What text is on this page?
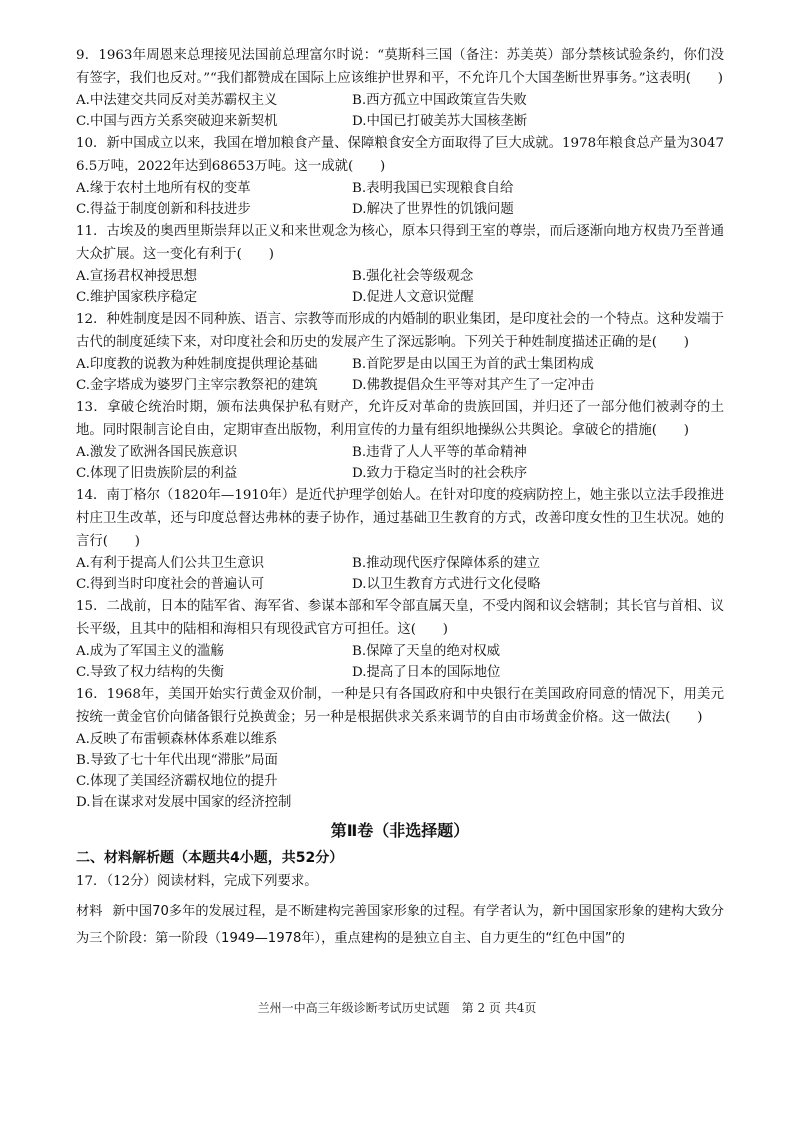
9．1963年周恩来总理接见法国前总理富尔时说：“莫斯科三国（备注：苏美英）部分禁核试验条约，你们没有签字，我们也反对。”“我们都赞成在国际上应该维护世界和平，不允许几个大国垄断世界事务。”这表明(　　)

A.中法建交共同反对美苏霸权主义	B.西方孤立中国政策宣告失败
C.中国与西方关系突破迎来新契机	D.中国已打破美苏大国核垄断

10．新中国成立以来，我国在增加粮食产量、保障粮食安全方面取得了巨大成就。1978年粮食总产量为30476.5万吨，2022年达到68653万吨。这一成就(　　)

A.缘于农村土地所有权的变革	B.表明我国已实现粮食自给
C.得益于制度创新和科技进步	D.解决了世界性的饥饿问题

11．古埃及的奥西里斯崇拜以正义和来世观念为核心，原本只得到王室的尊崇，而后逐渐向地方权贵乃至普通大众扩展。这一变化有利于(　　)

A.宣扬君权神授思想	B.强化社会等级观念
C.维护国家秩序稳定	D.促进人文意识觉醒

12．种姓制度是因不同种族、语言、宗教等而形成的内婚制的职业集团，是印度社会的一个特点。这种发端于古代的制度延续下来，对印度社会和历史的发展产生了深远影响。下列关于种姓制度描述正确的是(　　)

A.印度教的说教为种姓制度提供理论基础	B.首陀罗是由以国王为首的武士集团构成
C.金字塔成为婆罗门主宰宗教祭祀的建筑	D.佛教提倡众生平等对其产生了一定冲击

13．拿破仑统治时期，颁布法典保护私有财产，允许反对革命的贵族回国，并归还了一部分他们被剥夺的土地。同时限制言论自由，定期审查出版物，利用宣传的力量有组织地操纵公共舆论。拿破仑的措施(　　)

A.激发了欧洲各国民族意识	B.违背了人人平等的革命精神
C.体现了旧贵族阶层的利益	D.致力于稳定当时的社会秩序

14．南丁格尔（1820年—1910年）是近代护理学创始人。在针对印度的疫病防控上，她主张以立法手段推进村庄卫生改革，还与印度总督达弗林的妻子协作，通过基础卫生教育的方式，改善印度女性的卫生状况。她的言行(　　)

A.有利于提高人们公共卫生意识	B.推动现代医疗保障体系的建立
C.得到当时印度社会的普遍认可	D.以卫生教育方式进行文化侵略

15．二战前，日本的陆军省、海军省、参谋本部和军令部直属天皇，不受内阁和议会辖制；其长官与首相、议长平级，且其中的陆相和海相只有现役武官方可担任。这(　　)

A.成为了军国主义的滥觞	B.保障了天皇的绝对权威
C.导致了权力结构的失衡	D.提高了日本的国际地位

16．1968年，美国开始实行黄金双价制，一种是只有各国政府和中央银行在美国政府同意的情况下，用美元按统一黄金官价向储备银行兑换黄金；另一种是根据供求关系来调节的自由市场黄金价格。这一做法(　　)

A.反映了布雷顿森林体系难以维系
B.导致了七十年代出现“滞胀”局面
C.体现了美国经济霸权地位的提升
D.旨在谋求对发展中国家的经济控制
第Ⅱ卷（非选择题）

二、材料解析题（本题共4小题，共52分）

17．（12分）阅读材料，完成下列要求。

材料 新中国70多年的发展过程，是不断建构完善国家形象的过程。有学者认为，新中国国家形象的建构大致分为三个阶段：第一阶段（1949—1978年），重点建构的是独立自主、自力更生的“红色中国”的

兰州一中高三年级诊断考试历史试题　第 2 页 共4页
